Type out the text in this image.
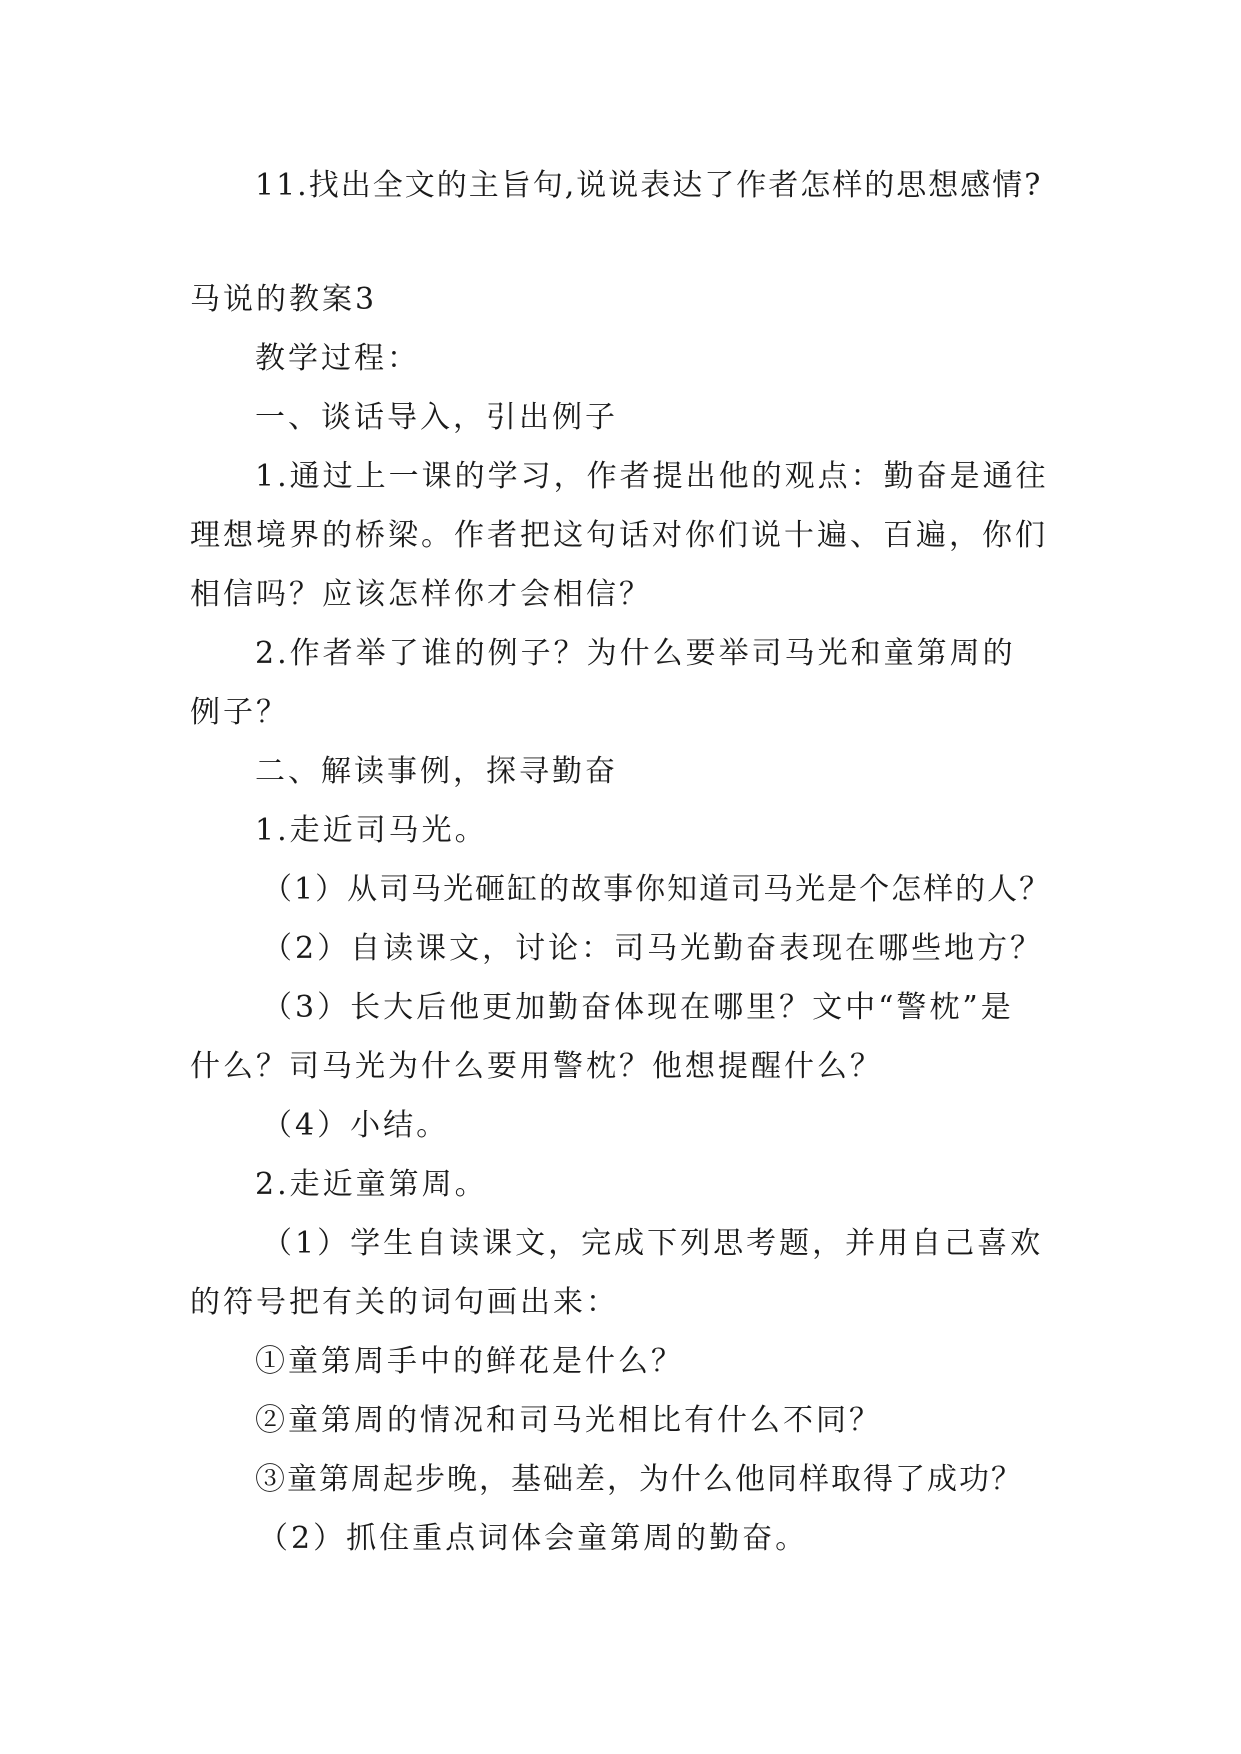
11.找出全文的主旨句,说说表达了作者怎样的思想感情?
马说的教案3
教学过程：
一、谈话导入，引出例子
1.通过上一课的学习，作者提出他的观点：勤奋是通往
理想境界的桥梁。作者把这句话对你们说十遍、百遍，你们
相信吗？应该怎样你才会相信？
2.作者举了谁的例子？为什么要举司马光和童第周的
例子？
二、解读事例，探寻勤奋
1.走近司马光。
（1）从司马光砸缸的故事你知道司马光是个怎样的人？
（2）自读课文，讨论：司马光勤奋表现在哪些地方？
（3）长大后他更加勤奋体现在哪里？文中“警枕”是
什么？司马光为什么要用警枕？他想提醒什么？
（4）小结。
2.走近童第周。
（1）学生自读课文，完成下列思考题，并用自己喜欢
的符号把有关的词句画出来：
①童第周手中的鲜花是什么？
②童第周的情况和司马光相比有什么不同？
③童第周起步晚，基础差，为什么他同样取得了成功？
（2）抓住重点词体会童第周的勤奋。
